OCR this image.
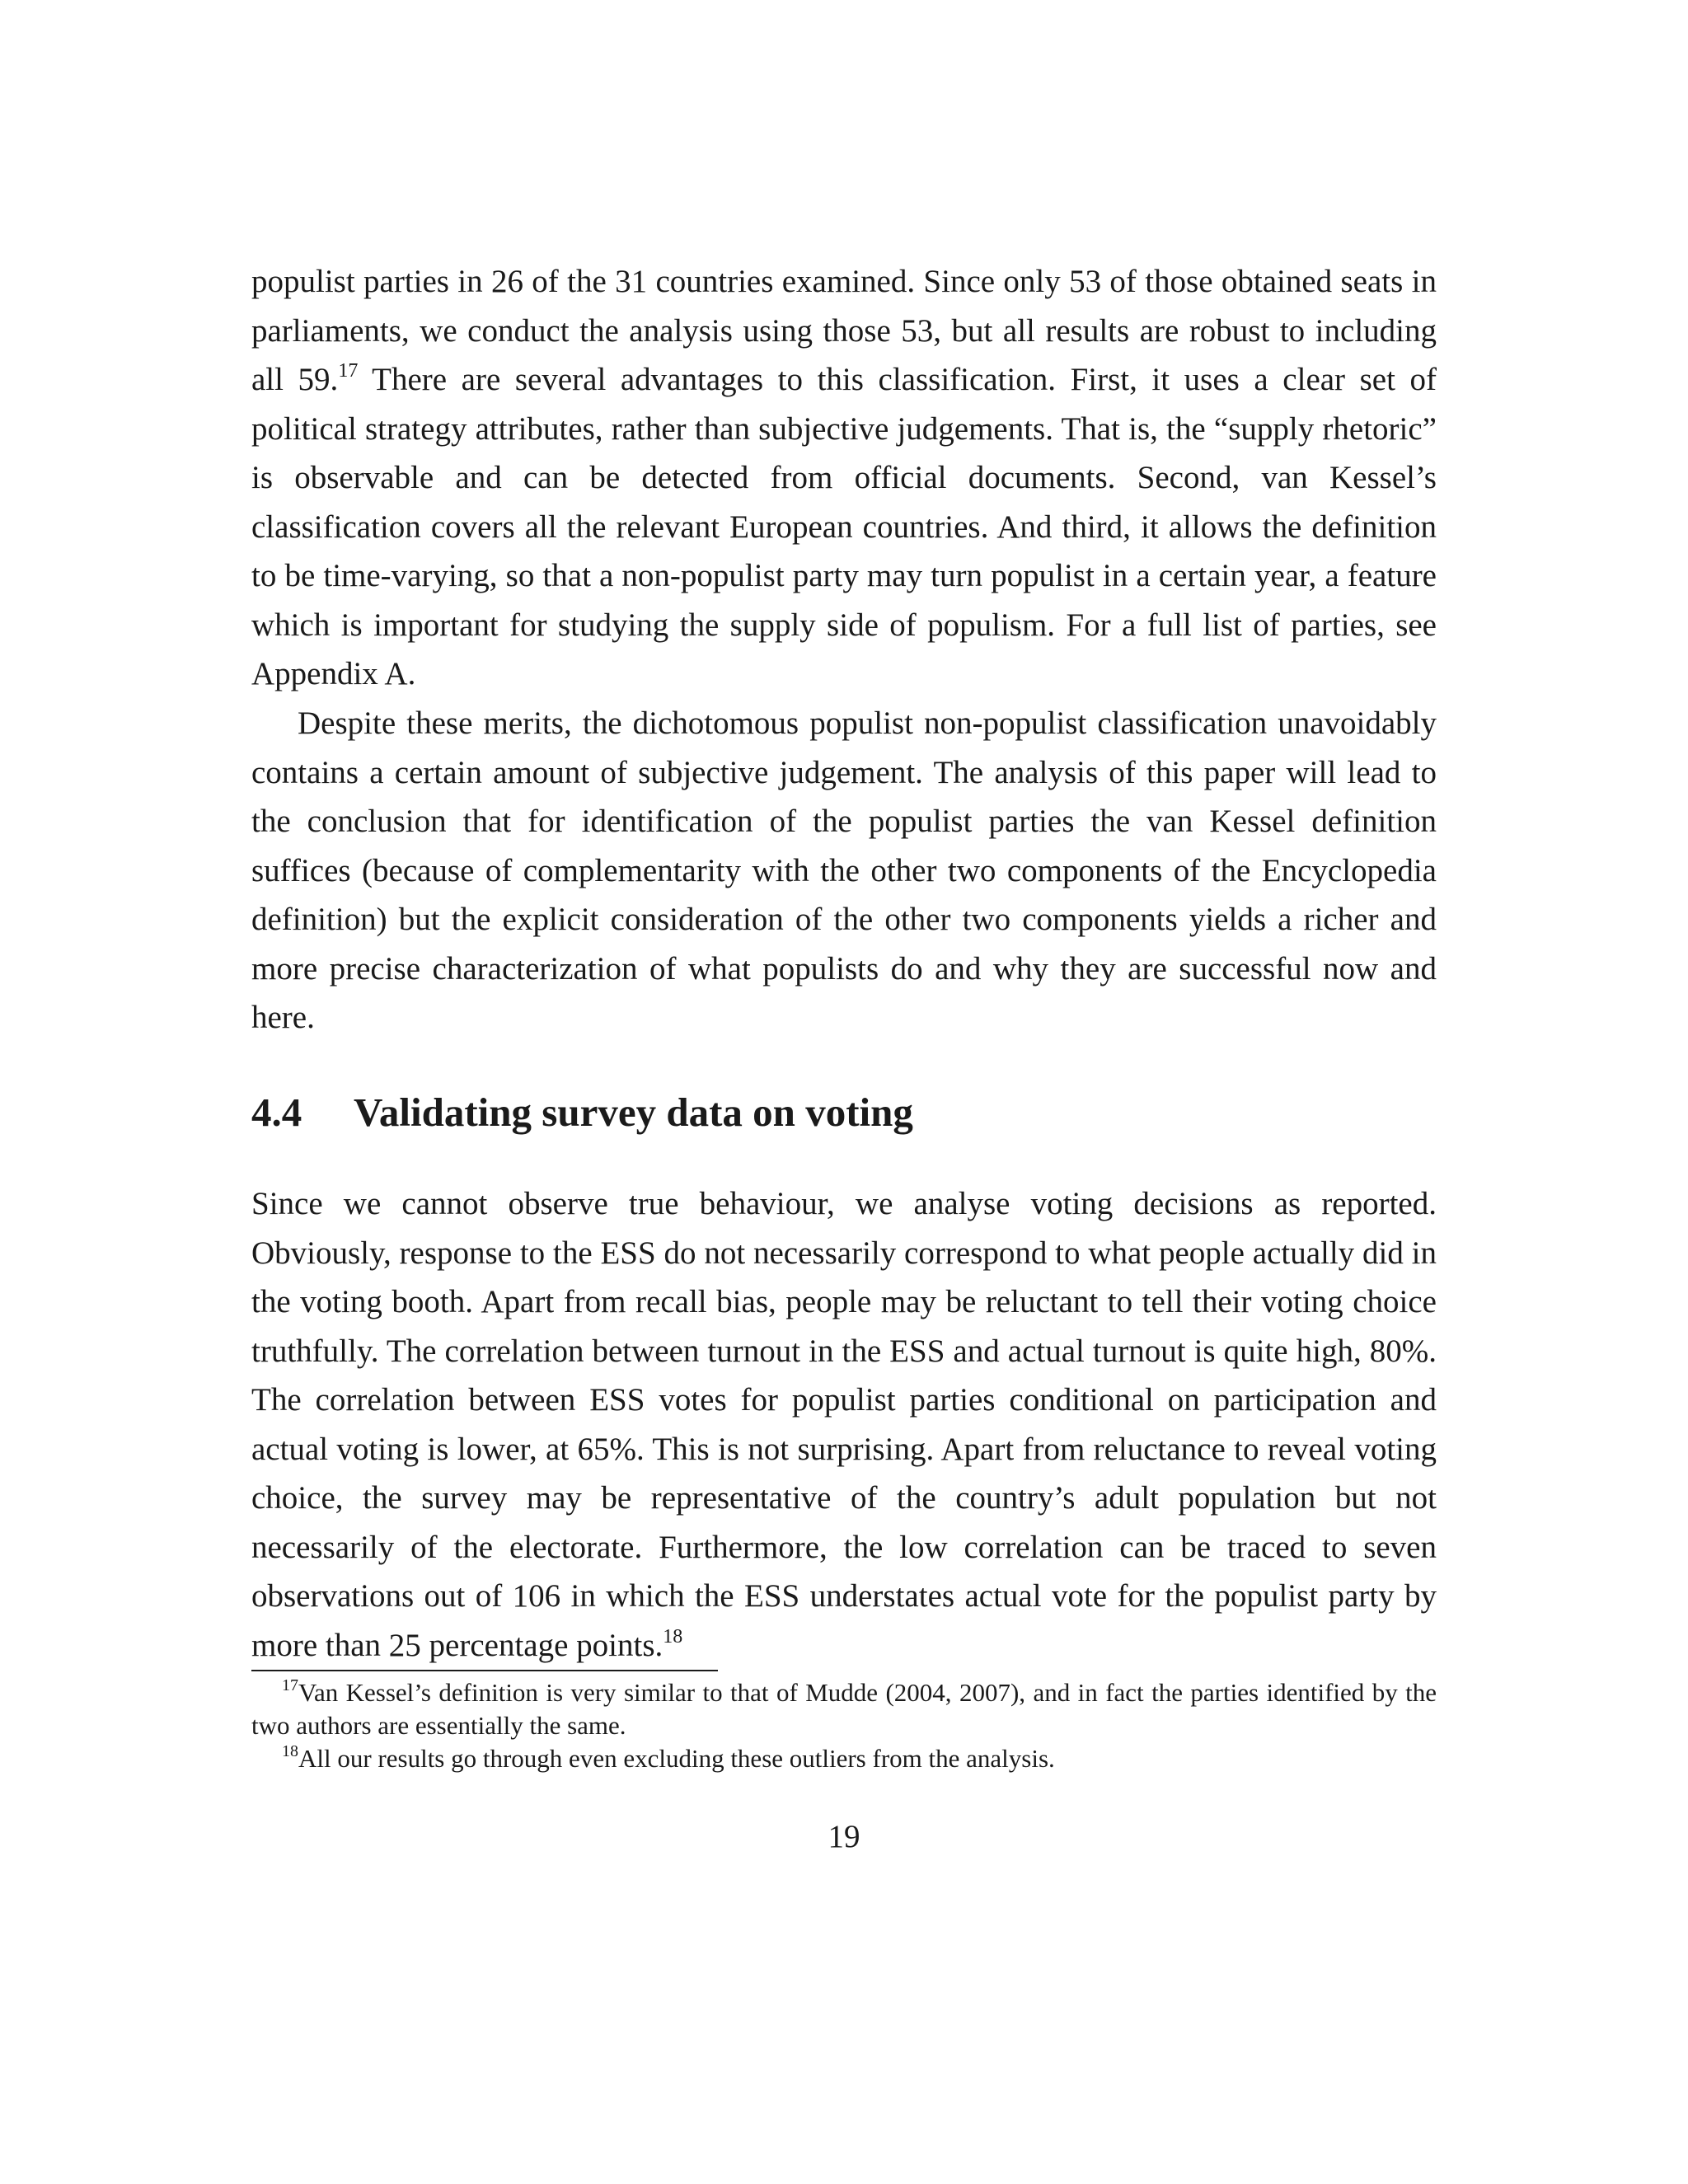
populist parties in 26 of the 31 countries examined. Since only 53 of those obtained seats in parliaments, we conduct the analysis using those 53, but all results are robust to including all 59.17 There are several advantages to this classification. First, it uses a clear set of political strategy attributes, rather than subjective judgements. That is, the “supply rhetoric” is observable and can be detected from official documents. Second, van Kessel’s classification covers all the relevant European countries. And third, it allows the definition to be time-varying, so that a non-populist party may turn populist in a certain year, a feature which is important for studying the supply side of populism. For a full list of parties, see Appendix A.

Despite these merits, the dichotomous populist non-populist classification unavoidably contains a certain amount of subjective judgement. The analysis of this paper will lead to the conclusion that for identification of the populist parties the van Kessel definition suffices (because of complementarity with the other two components of the Encyclopedia definition) but the explicit consideration of the other two components yields a richer and more precise characterization of what populists do and why they are successful now and here.

4.4 Validating survey data on voting

Since we cannot observe true behaviour, we analyse voting decisions as reported. Obviously, response to the ESS do not necessarily correspond to what people actually did in the voting booth. Apart from recall bias, people may be reluctant to tell their voting choice truthfully. The correlation between turnout in the ESS and actual turnout is quite high, 80%. The correlation between ESS votes for populist parties conditional on participation and actual voting is lower, at 65%. This is not surprising. Apart from reluctance to reveal voting choice, the survey may be representative of the country’s adult population but not necessarily of the electorate. Furthermore, the low correlation can be traced to seven observations out of 106 in which the ESS understates actual vote for the populist party by more than 25 percentage points.$^{18}$

$^{17}$Van Kessel’s definition is very similar to that of Mudde (2004, 2007), and in fact the parties identified by the two authors are essentially the same.

$^{18}$All our results go through even excluding these outliers from the analysis.

19
